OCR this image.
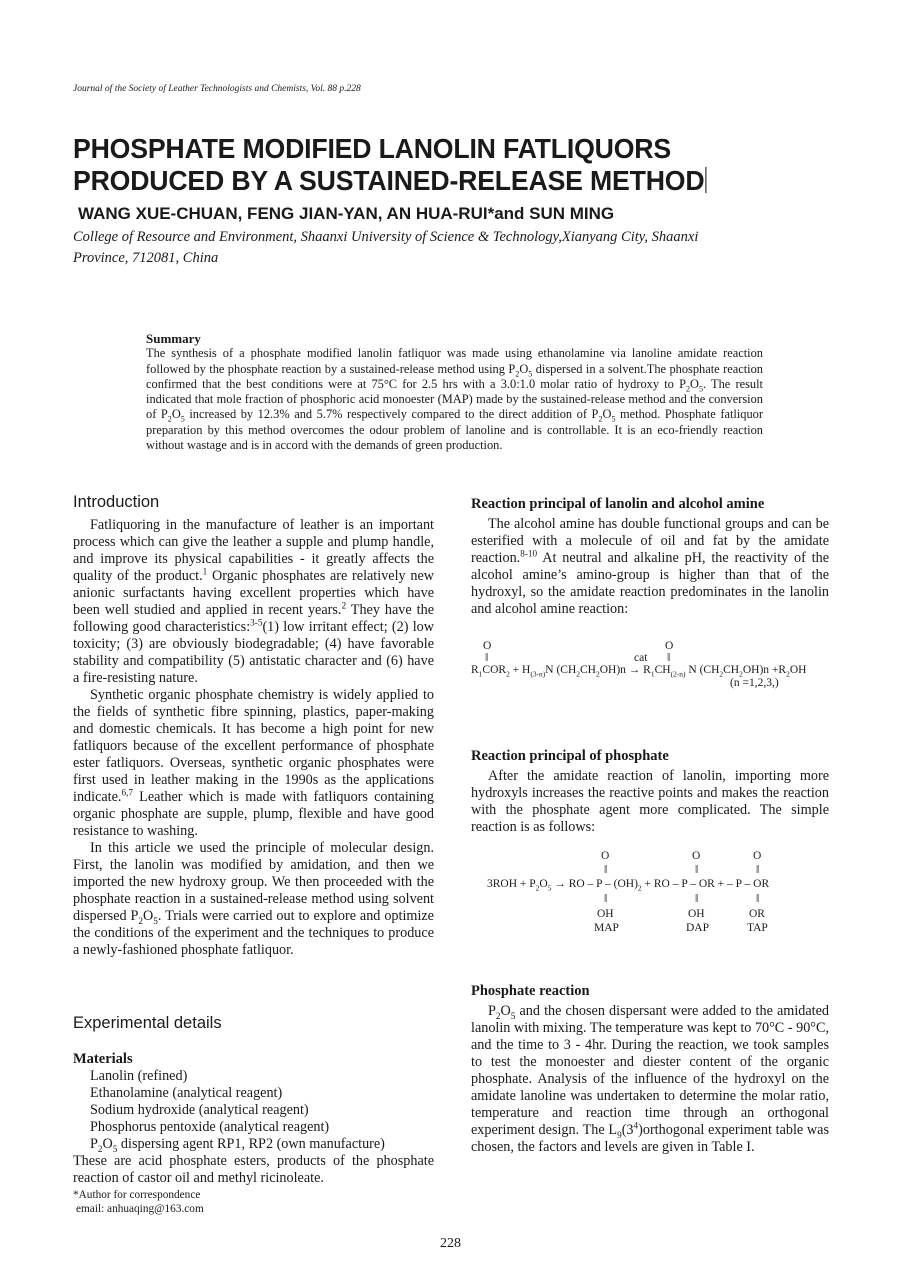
Journal of the Society of Leather Technologists and Chemists, Vol. 88 p.228
PHOSPHATE MODIFIED LANOLIN FATLIQUORS
PRODUCED BY A SUSTAINED-RELEASE METHOD
WANG XUE-CHUAN, FENG JIAN-YAN, AN HUA-RUI*and SUN MING
College of Resource and Environment, Shaanxi University of Science & Technology,Xianyang City, Shaanxi
Province, 712081, China
Summary
The synthesis of a phosphate modified lanolin fatliquor was made using ethanolamine via lanoline amidate reaction followed by the phosphate reaction by a sustained-release method using $P_2O_5$ dispersed in a solvent.The phosphate reaction confirmed that the best conditions were at 75°C for 2.5 hrs with a 3.0:1.0 molar ratio of hydroxy to $P_2O_5$. The result indicated that mole fraction of phosphoric acid monoester (MAP) made by the sustained-release method and the conversion of $P_2O_5$ increased by 12.3% and 5.7% respectively compared to the direct addition of $P_2O_5$ method. Phosphate fatliquor preparation by this method overcomes the odour problem of lanoline and is controllable. It is an eco-friendly reaction without wastage and is in accord with the demands of green production.
Introduction

Fatliquoring in the manufacture of leather is an important process which can give the leather a supple and plump handle, and improve its physical capabilities - it greatly affects the quality of the product.$^1$ Organic phosphates are relatively new anionic surfactants having excellent properties which have been well studied and applied in recent years.$^2$ They have the following good characteristics:$^{3-5}$(1) low irritant effect; (2) low toxicity; (3) are obviously biodegradable; (4) have favorable stability and compatibility (5) antistatic character and (6) have a fire-resisting nature.

Synthetic organic phosphate chemistry is widely applied to the fields of synthetic fibre spinning, plastics, paper-making and domestic chemicals. It has become a high point for new fatliquors because of the excellent performance of phosphate ester fatliquors. Overseas, synthetic organic phosphates were first used in leather making in the 1990s as the applications indicate.$^{6,7}$ Leather which is made with fatliquors containing organic phosphate are supple, plump, flexible and have good resistance to washing.

In this article we used the principle of molecular design. First, the lanolin was modified by amidation, and then we imported the new hydroxy group. We then proceeded with the phosphate reaction in a sustained-release method using solvent dispersed $P_2O_5$. Trials were carried out to explore and optimize the conditions of the experiment and the techniques to produce a newly-fashioned phosphate fatliquor.

Experimental details
Materials
Lanolin (refined)
Ethanolamine (analytical reagent)
Sodium hydroxide (analytical reagent)
Phosphorus pentoxide (analytical reagent)

$P_2O_5$ dispersing agent RP1, RP2 (own manufacture)

These are acid phosphate esters, products of the phosphate reaction of castor oil and methyl ricinoleate.
*Author for correspondence
email: anhuaqing@163.com
Reaction principal of lanolin and alcohol amine

The alcohol amine has double functional groups and can be esterified with a molecule of oil and fat by the amidate reaction.$^{8-10}$ At neutral and alkaline pH, the reactivity of the alcohol amine’s amino-group is higher than that of the hydroxyl, so the amidate reaction predominates in the lanolin and alcohol amine reaction:

O	O
‖	cat ‖
$R_1COR_2 + H_{(3-n)}N$ $(CH_2CH_2OH)n \to R_1CH_{(2-n)}$ N $(CH_2CH_2OH)n +R_2OH$
(n =1,2,3,)
Reaction principal of phosphate

After the amidate reaction of lanolin, importing more hydroxyls increases the reactive points and makes the reaction with the phosphate agent more complicated. The simple reaction is as follows:

O	O	O
‖	‖	‖
$3ROH + P_2O_5$ → RO – P – $(OH)_2$ + RO – P – OR + – P – OR
‖	‖	‖
OH	OH	OR
MAP	DAP	TAP
Phosphate reaction

$P_2O_5$ and the chosen dispersant were added to the amidated lanolin with mixing. The temperature was kept to 70°C - 90°C, and the time to 3 - 4hr. During the reaction, we took samples to test the monoester and diester content of the organic phosphate. Analysis of the influence of the hydroxyl on the amidate lanoline was undertaken to determine the molar ratio, temperature and reaction time through an orthogonal experiment design. The $L_9(3^4)orthogonal$ experiment table was chosen, the factors and levels are given in Table I.

228
